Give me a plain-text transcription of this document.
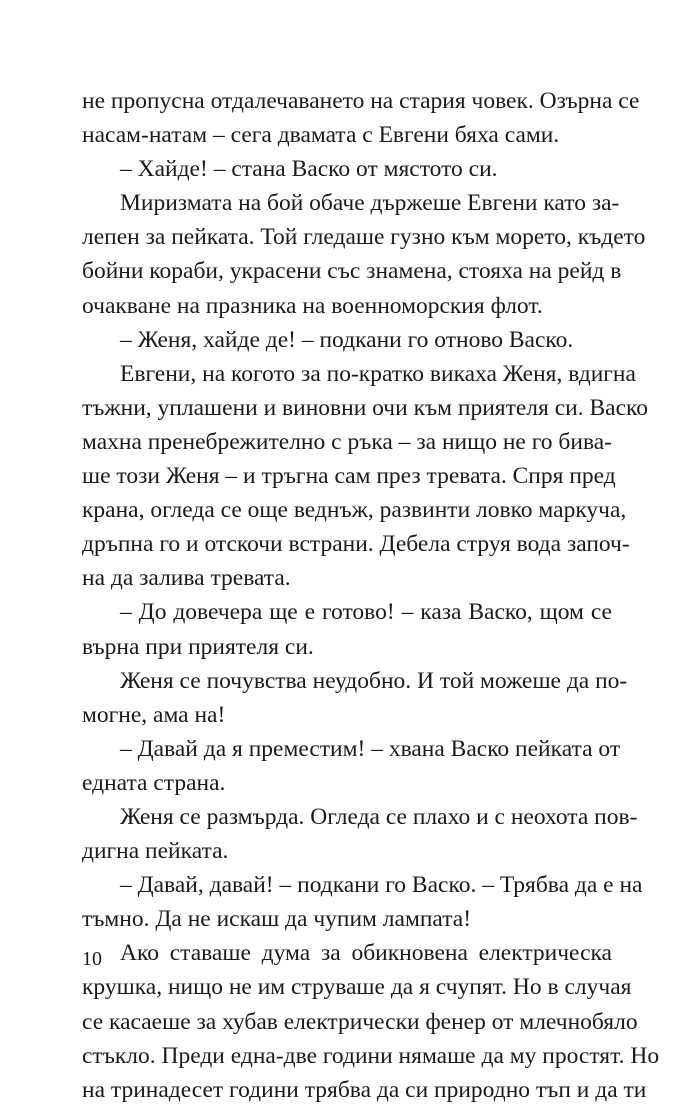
не пропусна отдалечаването на стария човек. Озърна се
насам-натам – сега двамата с Евгени бяха сами.
– Хайде! – стана Васко от мястото си.
Миризмата на бой обаче държеше Евгени като за-
лепен за пейката. Той гледаше гузно към морето, където
бойни кораби, украсени със знамена, стояха на рейд в
очакване на празника на военноморския флот.
– Женя, хайде де! – подкани го отново Васко.
Евгени, на когото за по-кратко викаха Женя, вдигна
тъжни, уплашени и виновни очи към приятеля си. Васко
махна пренебрежително с ръка – за нищо не го бива-
ше този Женя – и тръгна сам през тревата. Спря пред
крана, огледа се още веднъж, развинти ловко маркуча,
дръпна го и отскочи встрани. Дебела струя вода започ-
на да залива тревата.
– До довечера ще е готово! – каза Васко, щом се
върна при приятеля си.
Женя се почувства неудобно. И той можеше да по-
могне, ама на!
– Давай да я преместим! – хвана Васко пейката от
едната страна.
Женя се размърда. Огледа се плахо и с неохота пов-
дигна пейката.
– Давай, давай! – подкани го Васко. – Трябва да е на
тъмно. Да не искаш да чупим лампата!
Ако ставаше дума за обикновена електрическа
крушка, нищо не им струваше да я счупят. Но в случая
се касаеше за хубав електрически фенер от млечнобяло
стъкло. Преди една-две години нямаше да му простят. Но
на тринадесет години трябва да си природно тъп и да ти
10
